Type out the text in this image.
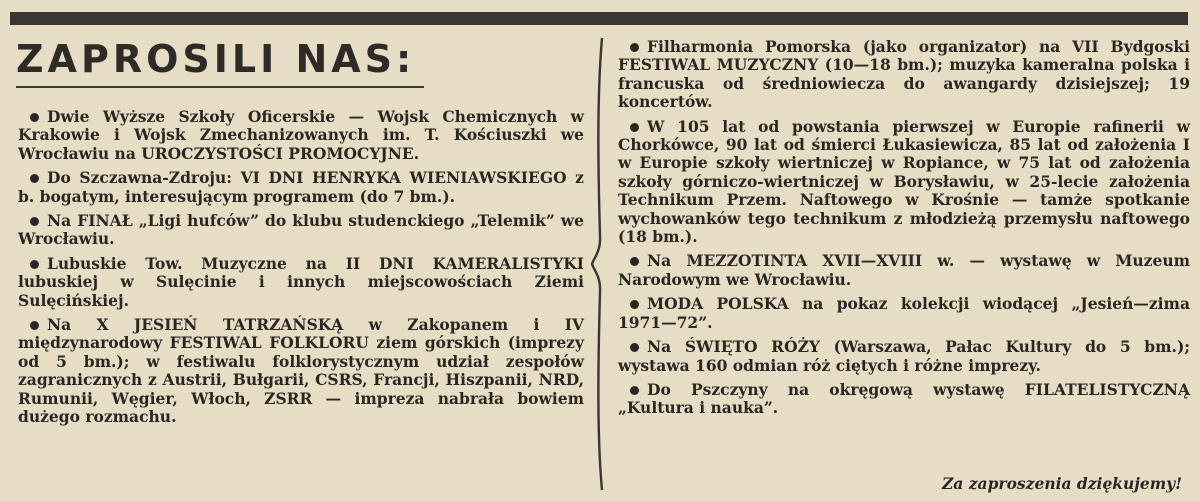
ZAPROSILI NAS:

Dwie Wyższe Szkoły Oficerskie — Wojsk Chemicznych w Krakowie i Wojsk Zmechanizowanych im. T. Kościuszki we Wrocławiu na UROCZYSTOŚCI PROMOCYJNE.

Do Szczawna-Zdroju: VI DNI HENRYKA WIENIAWSKIEGO z b. bogatym, interesującym programem (do 7 bm.).

Na FINAŁ „Ligi hufców” do klubu studenckiego „Telemik” we Wrocławiu.

Lubuskie Tow. Muzyczne na II DNI KAMERALISTYKI lubuskiej w Sulęcinie i innych miejscowościach Ziemi Sulęcińskiej.

Na X JESIEŃ TATRZAŃSKĄ w Zakopanem i IV międzynarodowy FESTIWAL FOLKLORU ziem górskich (imprezy od 5 bm.); w festiwalu folklorystycznym udział zespołów zagranicznych z Austrii, Bułgarii, CSRS, Francji, Hiszpanii, NRD, Rumunii, Węgier, Włoch, ZSRR — impreza nabrała bowiem dużego rozmachu.

Filharmonia Pomorska (jako organizator) na VII Bydgoski FESTIWAL MUZYCZNY (10—18 bm.); muzyka kameralna polska i francuska od średniowiecza do awangardy dzisiejszej; 19 koncertów.

W 105 lat od powstania pierwszej w Europie rafinerii w Chorkówce, 90 lat od śmierci Łukasiewicza, 85 lat od założenia I w Europie szkoły wiertniczej w Ropiance, w 75 lat od założenia szkoły górniczo-wiertniczej w Borysławiu, w 25-lecie założenia Technikum Przem. Naftowego w Krośnie — tamże spotkanie wychowanków tego technikum z młodzieżą przemysłu naftowego (18 bm.).

Na MEZZOTINTA XVII—XVIII w. — wystawę w Muzeum Narodowym we Wrocławiu.

MODA POLSKA na pokaz kolekcji wiodącej „Jesień—zima 1971—72”.

Na ŚWIĘTO RÓŻY (Warszawa, Pałac Kultury do 5 bm.); wystawa 160 odmian róż ciętych i różne imprezy.

Do Pszczyny na okręgową wystawę FILATELISTYCZNĄ „Kultura i nauka”.

Za zaproszenia dziękujemy!
